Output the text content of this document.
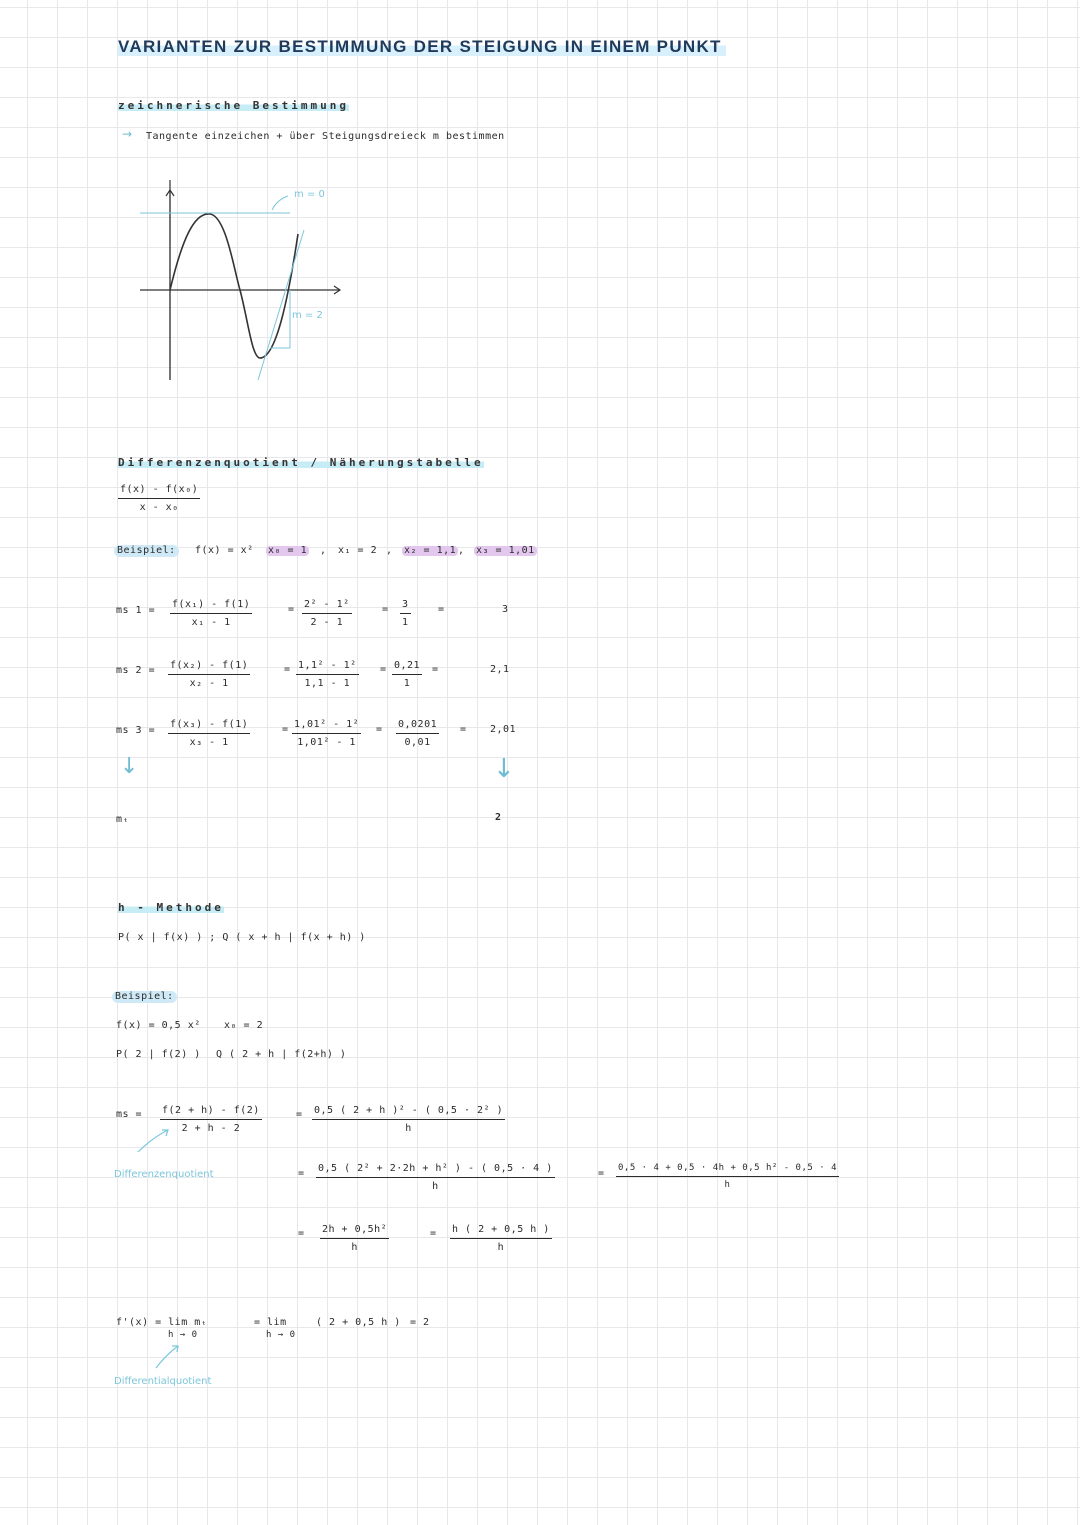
VARIANTEN ZUR BESTIMMUNG DER STEIGUNG IN EINEM PUNKT
zeichnerische Bestimmung
→ Tangente einzeichen + über Steigungsdreieck m bestimmen
m = 0
m = 2
Differenzenquotient / Näherungstabelle
$\frac{\text{f(x) - f(x₀)}}{\text{x - x₀}}$
Beispiel:	f(x) = x² x₀ = 1 , x₁ = 2 , x₂ = 1,1 , x₃ = 1,01
ms $1 = \frac{\text{f(x₁) - f(1)}}{\text{x₁ - 1}}$	= $\frac{\text{2² - 1²}}{2 - 1}$	= $\frac{3}{1}$	=	3
ms $2 = \frac{\text{f(x₂) - f(1)}}{\text{x₂ - 1}}$	= $\frac{\text{1,1² - 1²}}{1,1 - 1} = \frac{0,21}{1}$ =	2,1
ms $3 = \frac{\text{f(x₃) - f(1)}}{\text{x₃ - 1}}$	= $\frac{\text{1,01² - 1²}}{\text{1,01² - 1}} = \frac{0,0201}{0,01} = 2,01$
↓	↓
mₜ	2
h - Methode
P( x | f(x) ) ; Q ( x + h | f(x + h) )
Beispiel:
f(x) = 0,5 x² x₀ = 2
P( 2 | f(2) ) Q ( 2 + h | f(2+h) )
ms = $\frac{f(2 + h) - f(2)}{2 + h - 2}$
Differenzenquotient
= $\frac{\text{0,5 ( 2 + h )² - ( 0,5 · 2² )}}{h}$
= $\frac{\text{0,5 ( 2² + 2·2h + h² ) - ( 0,5 · 4 )}}{h}$	= $\frac{\text{0,5 · 4 + 0,5 · 4h + 0,5 h² - 0,5 · 4}}{h}$
= $\frac{\text{2h + 0,5h²}}{h}$	= $\frac{h ( 2 + 0,5 h )}{h}$
f'(x) = lim mₜ
h → 0
= lim
h → 0
( 2 + 0,5 h ) = 2
Differentialquotient
